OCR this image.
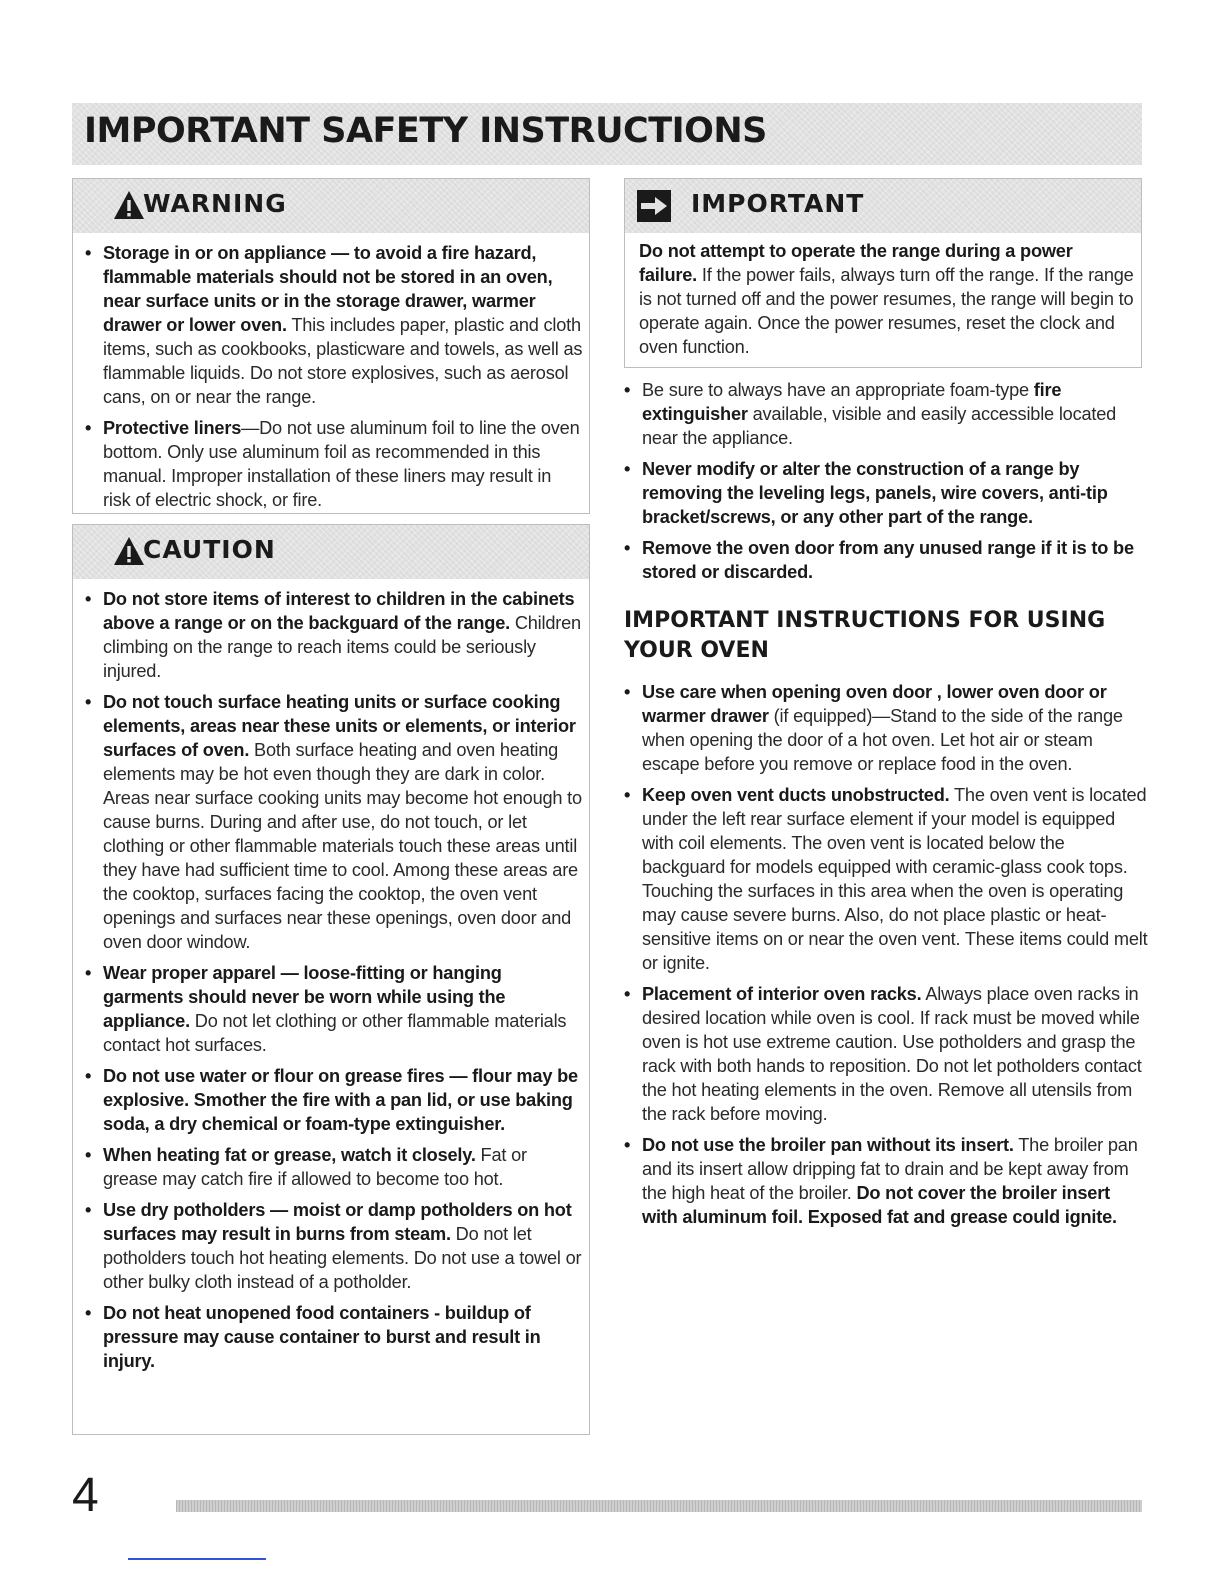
IMPORTANT SAFETY INSTRUCTIONS
WARNING
• Storage in or on appliance — to avoid a fire hazard, flammable materials should not be stored in an oven, near surface units or in the storage drawer, warmer drawer or lower oven. This includes paper, plastic and cloth items, such as cookbooks, plasticware and towels, as well as flammable liquids. Do not store explosives, such as aerosol cans, on or near the range.
• Protective liners—Do not use aluminum foil to line the oven bottom. Only use aluminum foil as recommended in this manual. Improper installation of these liners may result in risk of electric shock, or fire.
CAUTION
• Do not store items of interest to children in the cabinets above a range or on the backguard of the range. Children climbing on the range to reach items could be seriously injured.
• Do not touch surface heating units or surface cooking elements, areas near these units or elements, or interior surfaces of oven. Both surface heating and oven heating elements may be hot even though they are dark in color. Areas near surface cooking units may become hot enough to cause burns. During and after use, do not touch, or let clothing or other flammable materials touch these areas until they have had sufficient time to cool. Among these areas are the cooktop, surfaces facing the cooktop, the oven vent openings and surfaces near these openings, oven door and oven door window.
• Wear proper apparel — loose-fitting or hanging garments should never be worn while using the appliance. Do not let clothing or other flammable materials contact hot surfaces.
• Do not use water or flour on grease fires — flour may be explosive. Smother the fire with a pan lid, or use baking soda, a dry chemical or foam-type extinguisher.
• When heating fat or grease, watch it closely. Fat or grease may catch fire if allowed to become too hot.
• Use dry potholders — moist or damp potholders on hot surfaces may result in burns from steam. Do not let potholders touch hot heating elements. Do not use a towel or other bulky cloth instead of a potholder.
• Do not heat unopened food containers - buildup of pressure may cause container to burst and result in injury.
IMPORTANT
Do not attempt to operate the range during a power failure. If the power fails, always turn off the range. If the range is not turned off and the power resumes, the range will begin to operate again. Once the power resumes, reset the clock and oven function.
• Be sure to always have an appropriate foam-type fire extinguisher available, visible and easily accessible located near the appliance.
• Never modify or alter the construction of a range by removing the leveling legs, panels, wire covers, anti-tip bracket/screws, or any other part of the range.
• Remove the oven door from any unused range if it is to be stored or discarded.
IMPORTANT INSTRUCTIONS FOR USING YOUR OVEN
• Use care when opening oven door , lower oven door or warmer drawer (if equipped)—Stand to the side of the range when opening the door of a hot oven. Let hot air or steam escape before you remove or replace food in the oven.
• Keep oven vent ducts unobstructed. The oven vent is located under the left rear surface element if your model is equipped with coil elements. The oven vent is located below the backguard for models equipped with ceramic-glass cook tops. Touching the surfaces in this area when the oven is operating may cause severe burns. Also, do not place plastic or heat-sensitive items on or near the oven vent. These items could melt or ignite.
• Placement of interior oven racks. Always place oven racks in desired location while oven is cool. If rack must be moved while oven is hot use extreme caution. Use potholders and grasp the rack with both hands to reposition. Do not let potholders contact the hot heating elements in the oven. Remove all utensils from the rack before moving.
• Do not use the broiler pan without its insert. The broiler pan and its insert allow dripping fat to drain and be kept away from the high heat of the broiler. Do not cover the broiler insert with aluminum foil. Exposed fat and grease could ignite.

4
